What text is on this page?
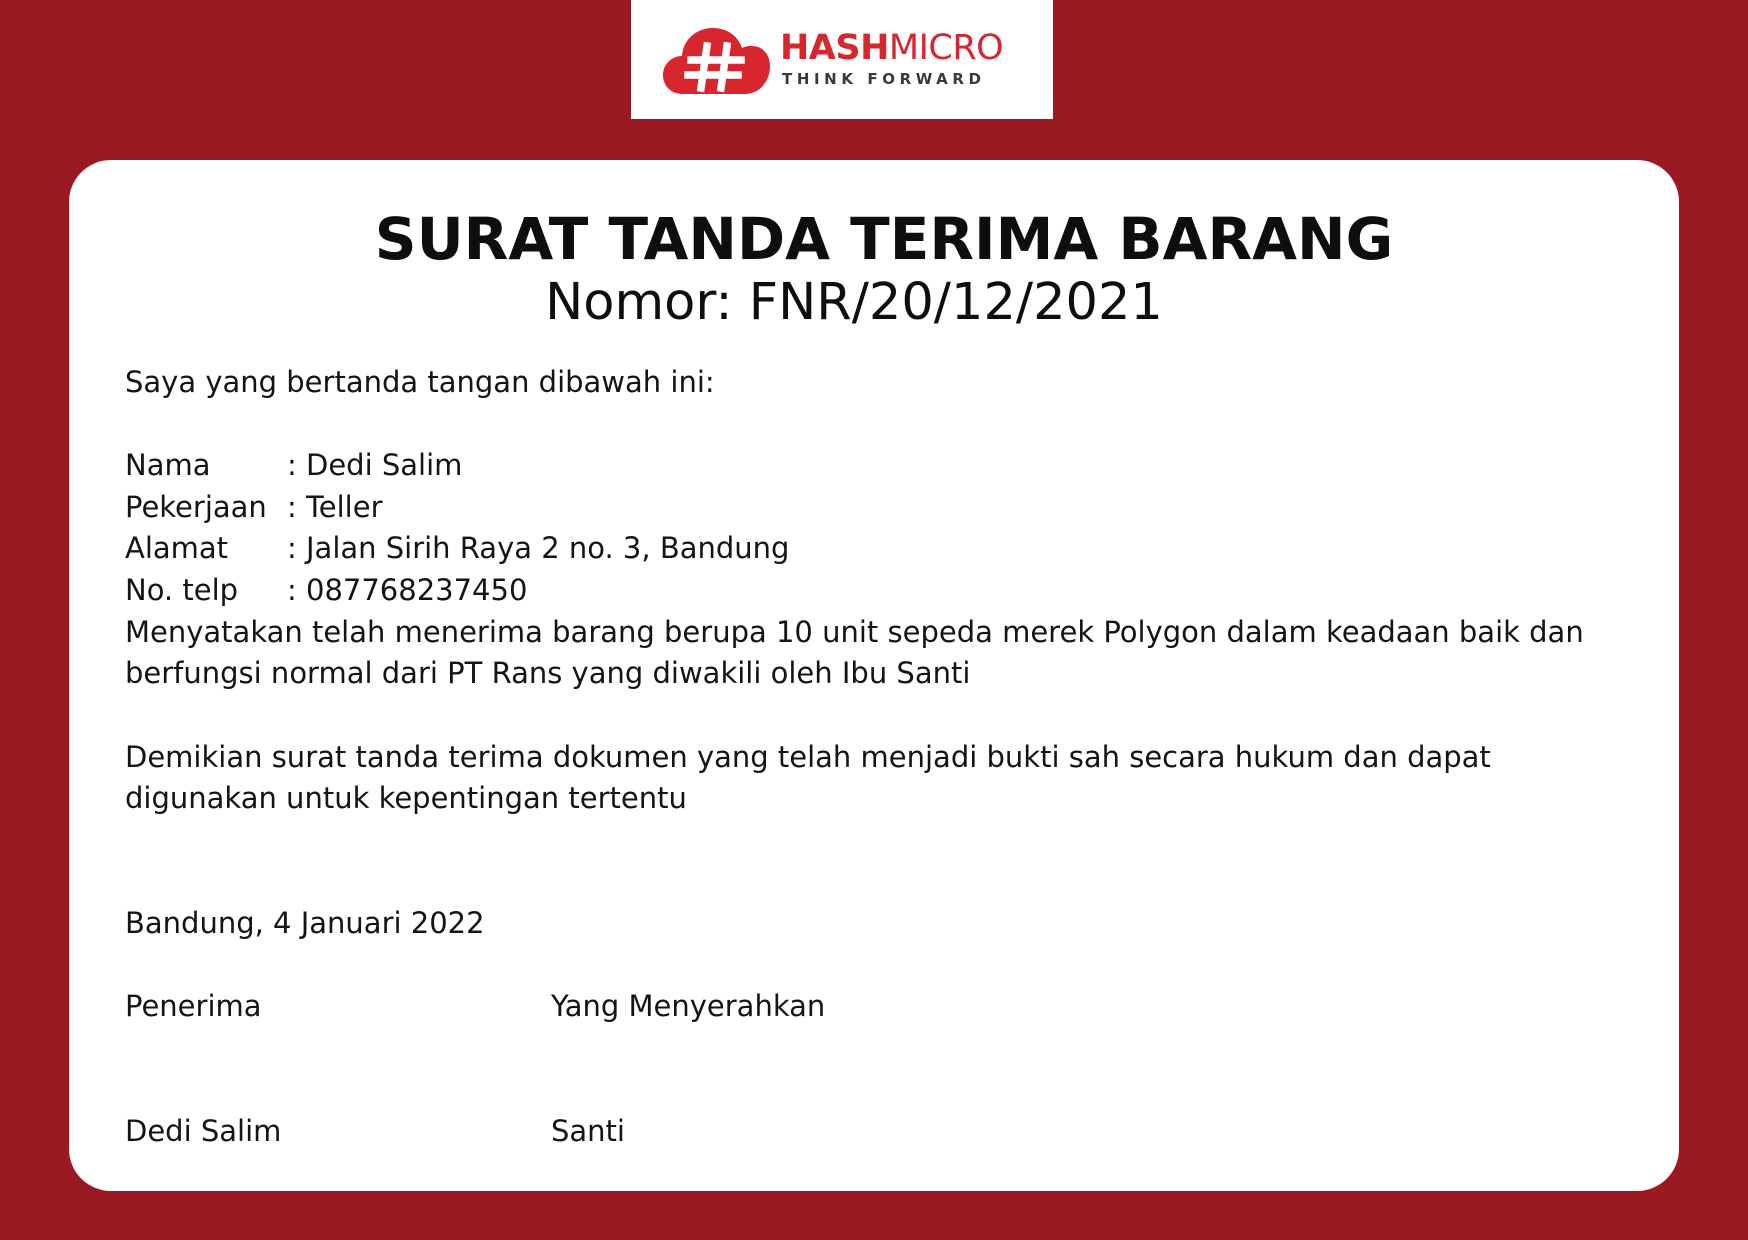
HASHMICRO
THINK FORWARD
SURAT TANDA TERIMA BARANG
Nomor: FNR/20/12/2021
Saya yang bertanda tangan dibawah ini:
Nama	: Dedi Salim
Pekerjaan : Teller
Alamat	: Jalan Sirih Raya 2 no. 3, Bandung
No. telp	: 087768237450
Menyatakan telah menerima barang berupa 10 unit sepeda merek Polygon dalam keadaan baik dan berfungsi normal dari PT Rans yang diwakili oleh Ibu Santi
Demikian surat tanda terima dokumen yang telah menjadi bukti sah secara hukum dan dapat digunakan untuk kepentingan tertentu
Bandung, 4 Januari 2022
Penerima	Yang Menyerahkan
Dedi Salim	Santi
